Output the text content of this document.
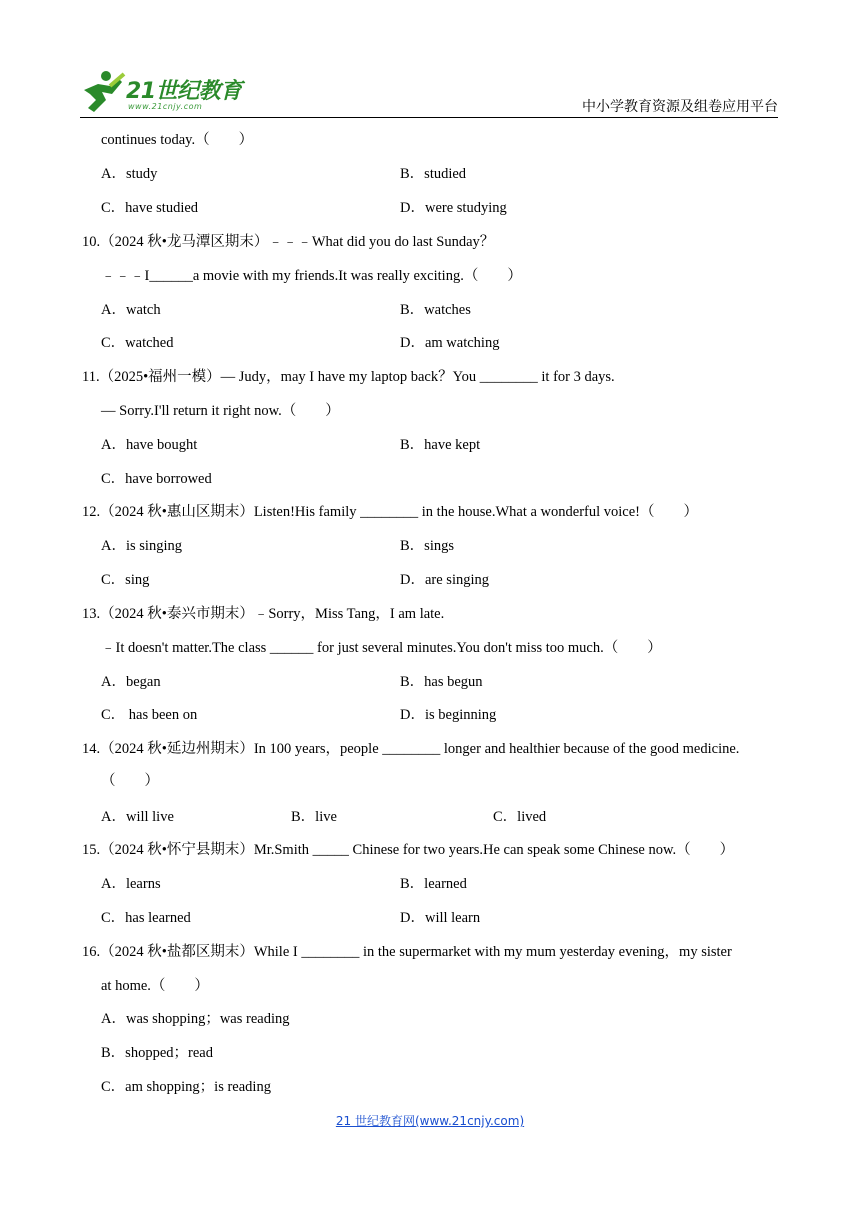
21世纪教育
www.21cnjy.com	中小学教育资源及组卷应用平台
continues today.（　　）
A．study	B．studied
C．have studied	D．were studying
10.（2024 秋•龙马潭区期末）﹣﹣﹣What did you do last Sunday？
﹣﹣﹣I______a movie with my friends.It was really exciting.（　　）
A．watch	B．watches
C．watched	D．am watching
11.（2025•福州一模）— Judy，may I have my laptop back？You ________ it for 3 days.
— Sorry.I'll return it right now.（　　）
A．have bought	B．have kept
C．have borrowed
12.（2024 秋•惠山区期末）Listen!His family ________ in the house.What a wonderful voice!（　　）
A．is singing	B．sings
C．sing	D．are singing
13.（2024 秋•泰兴市期末）﹣Sorry，Miss Tang，I am late.
﹣It doesn't matter.The class ______ for just several minutes.You don't miss too much.（　　）
A．began	B．has begun
C． has been on	D．is beginning
14.（2024 秋•延边州期末）In 100 years，people ________ longer and healthier because of the good medicine.
（　　）
A．will live	B．live	C．lived
15.（2024 秋•怀宁县期末）Mr.Smith _____ Chinese for two years.He can speak some Chinese now.（　　）
A．learns	B．learned
C．has learned	D．will learn
16.（2024 秋•盐都区期末）While I ________ in the supermarket with my mum yesterday evening，my sister
at home.（　　）
A．was shopping；was reading
B．shopped；read
C．am shopping；is reading
21 世纪教育网(www.21cnjy.com)
